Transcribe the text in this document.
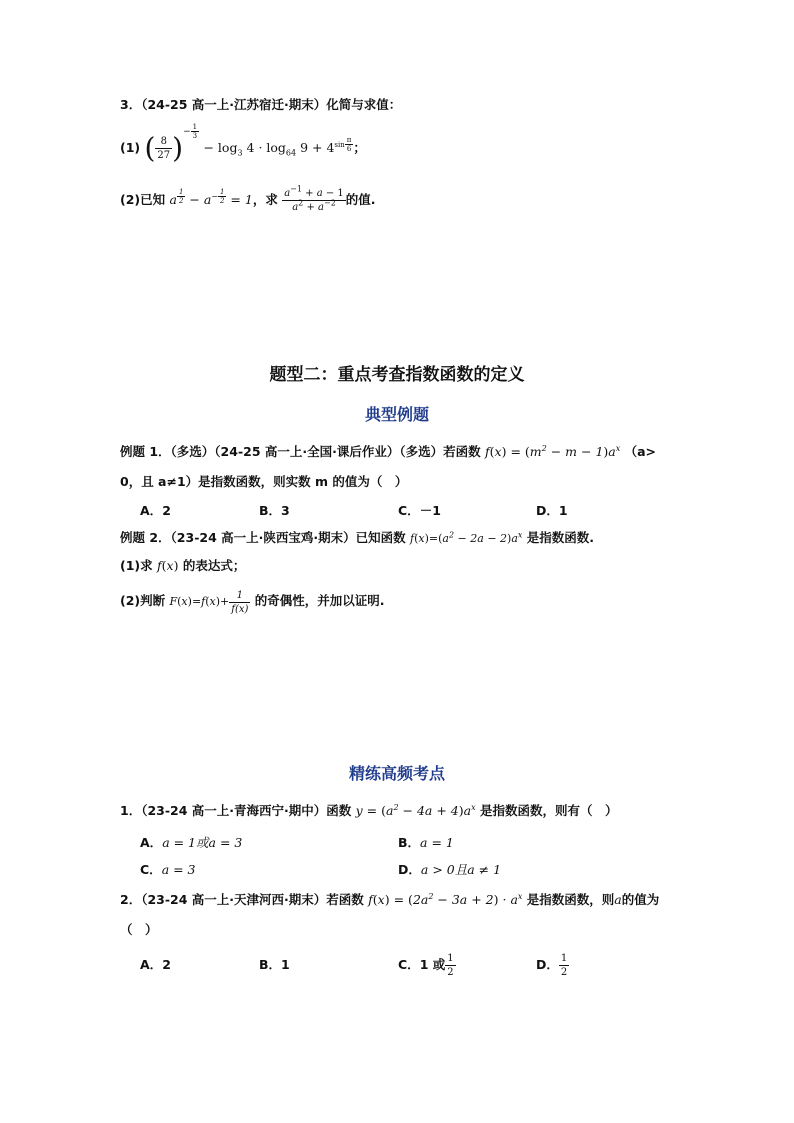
3．（24-25 高一上·江苏宿迁·期末）化简与求值：
(1) ( $\frac{8}{27} )^{- \frac{1}{3}}$
− $\log_3 4 \cdot \log_{64} 9 + 4^{sin \frac{\pi}{6}}$ ；
(2)已知 a $^{\frac{1}{2}} - a^{- \frac{1}{2}} = 1$，求 $\frac{a^{-1} + a - 1}{a^2 + a^{-2}}$ 的值.
题型二：重点考查指数函数的定义
典型例题
例题 1．（多选）（24-25 高一上·全国·课后作业）（多选）若函数 $f(x) = (m^2 - m - 1)a^x$ （a>
0，且 a≠1）是指数函数，则实数 m 的值为（　）
A．2	B．3	C．－1	D．1
例题 2．（23-24 高一上·陕西宝鸡·期末）已知函数 $f(x)=(a^2 - 2a - 2)a^x$ 是指数函数.
(1)求 f(x) 的表达式；
(2)判断 $F(x)=f(x)+ \frac{1}{f(x)}$ 的奇偶性，并加以证明.
精练高频考点
1．（23-24 高一上·青海西宁·期中）函数 $y = (a^2 - 4a + 4)a^x$ 是指数函数，则有（　）
A．a = 1或a = 3	B．a = 1
C．a = 3	D．a > 0且a ≠ 1
2．（23-24 高一上·天津河西·期末）若函数 $f(x) = (2a^2 - 3a + 2) \cdot a^x$ 是指数函数，则a的值为
（　）
A．2	B．1	C．1 或 $\frac{1}{2}$	D． $\frac{1}{2}$
